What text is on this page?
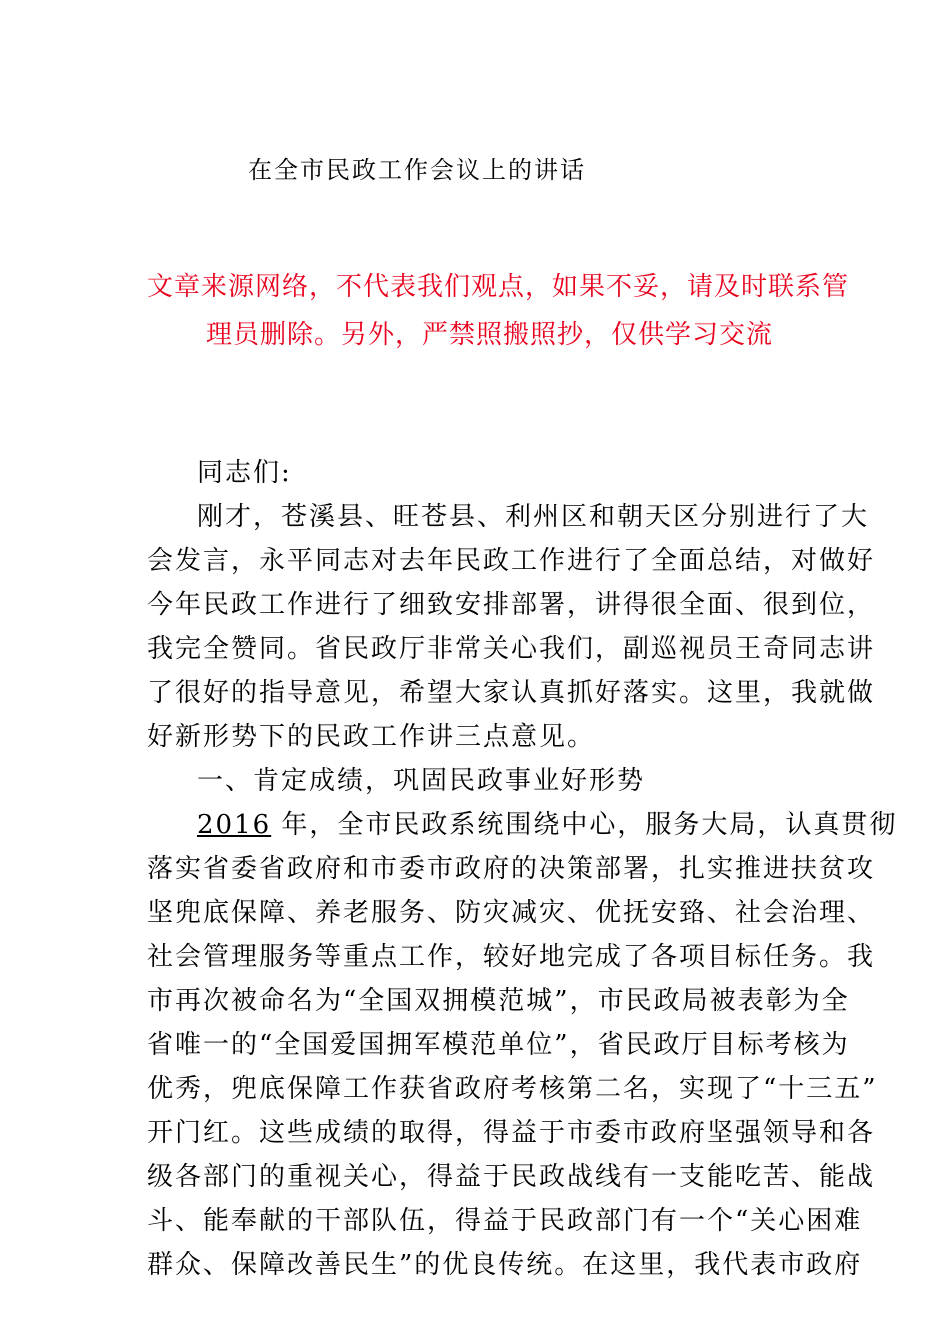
在全市民政工作会议上的讲话
文章来源网络，不代表我们观点，如果不妥，请及时联系管
理员删除。另外，严禁照搬照抄，仅供学习交流
同志们:
刚才，苍溪县、旺苍县、利州区和朝天区分别进行了大
会发言，永平同志对去年民政工作进行了全面总结，对做好
今年民政工作进行了细致安排部署，讲得很全面、很到位，
我完全赞同。省民政厅非常关心我们，副巡视员王奇同志讲
了很好的指导意见，希望大家认真抓好落实。这里，我就做
好新形势下的民政工作讲三点意见。
一、肯定成绩，巩固民政事业好形势
2016 年，全市民政系统围绕中心，服务大局，认真贯彻
落实省委省政府和市委市政府的决策部署，扎实推进扶贫攻
坚兜底保障、养老服务、防灾减灾、优抚安臵、社会治理、
社会管理服务等重点工作，较好地完成了各项目标任务。我
市再次被命名为“全国双拥模范城”，市民政局被表彰为全
省唯一的“全国爱国拥军模范单位”，省民政厅目标考核为
优秀，兜底保障工作获省政府考核第二名，实现了“十三五”
开门红。这些成绩的取得，得益于市委市政府坚强领导和各
级各部门的重视关心，得益于民政战线有一支能吃苦、能战
斗、能奉献的干部队伍，得益于民政部门有一个“关心困难
群众、保障改善民生”的优良传统。在这里，我代表市政府
